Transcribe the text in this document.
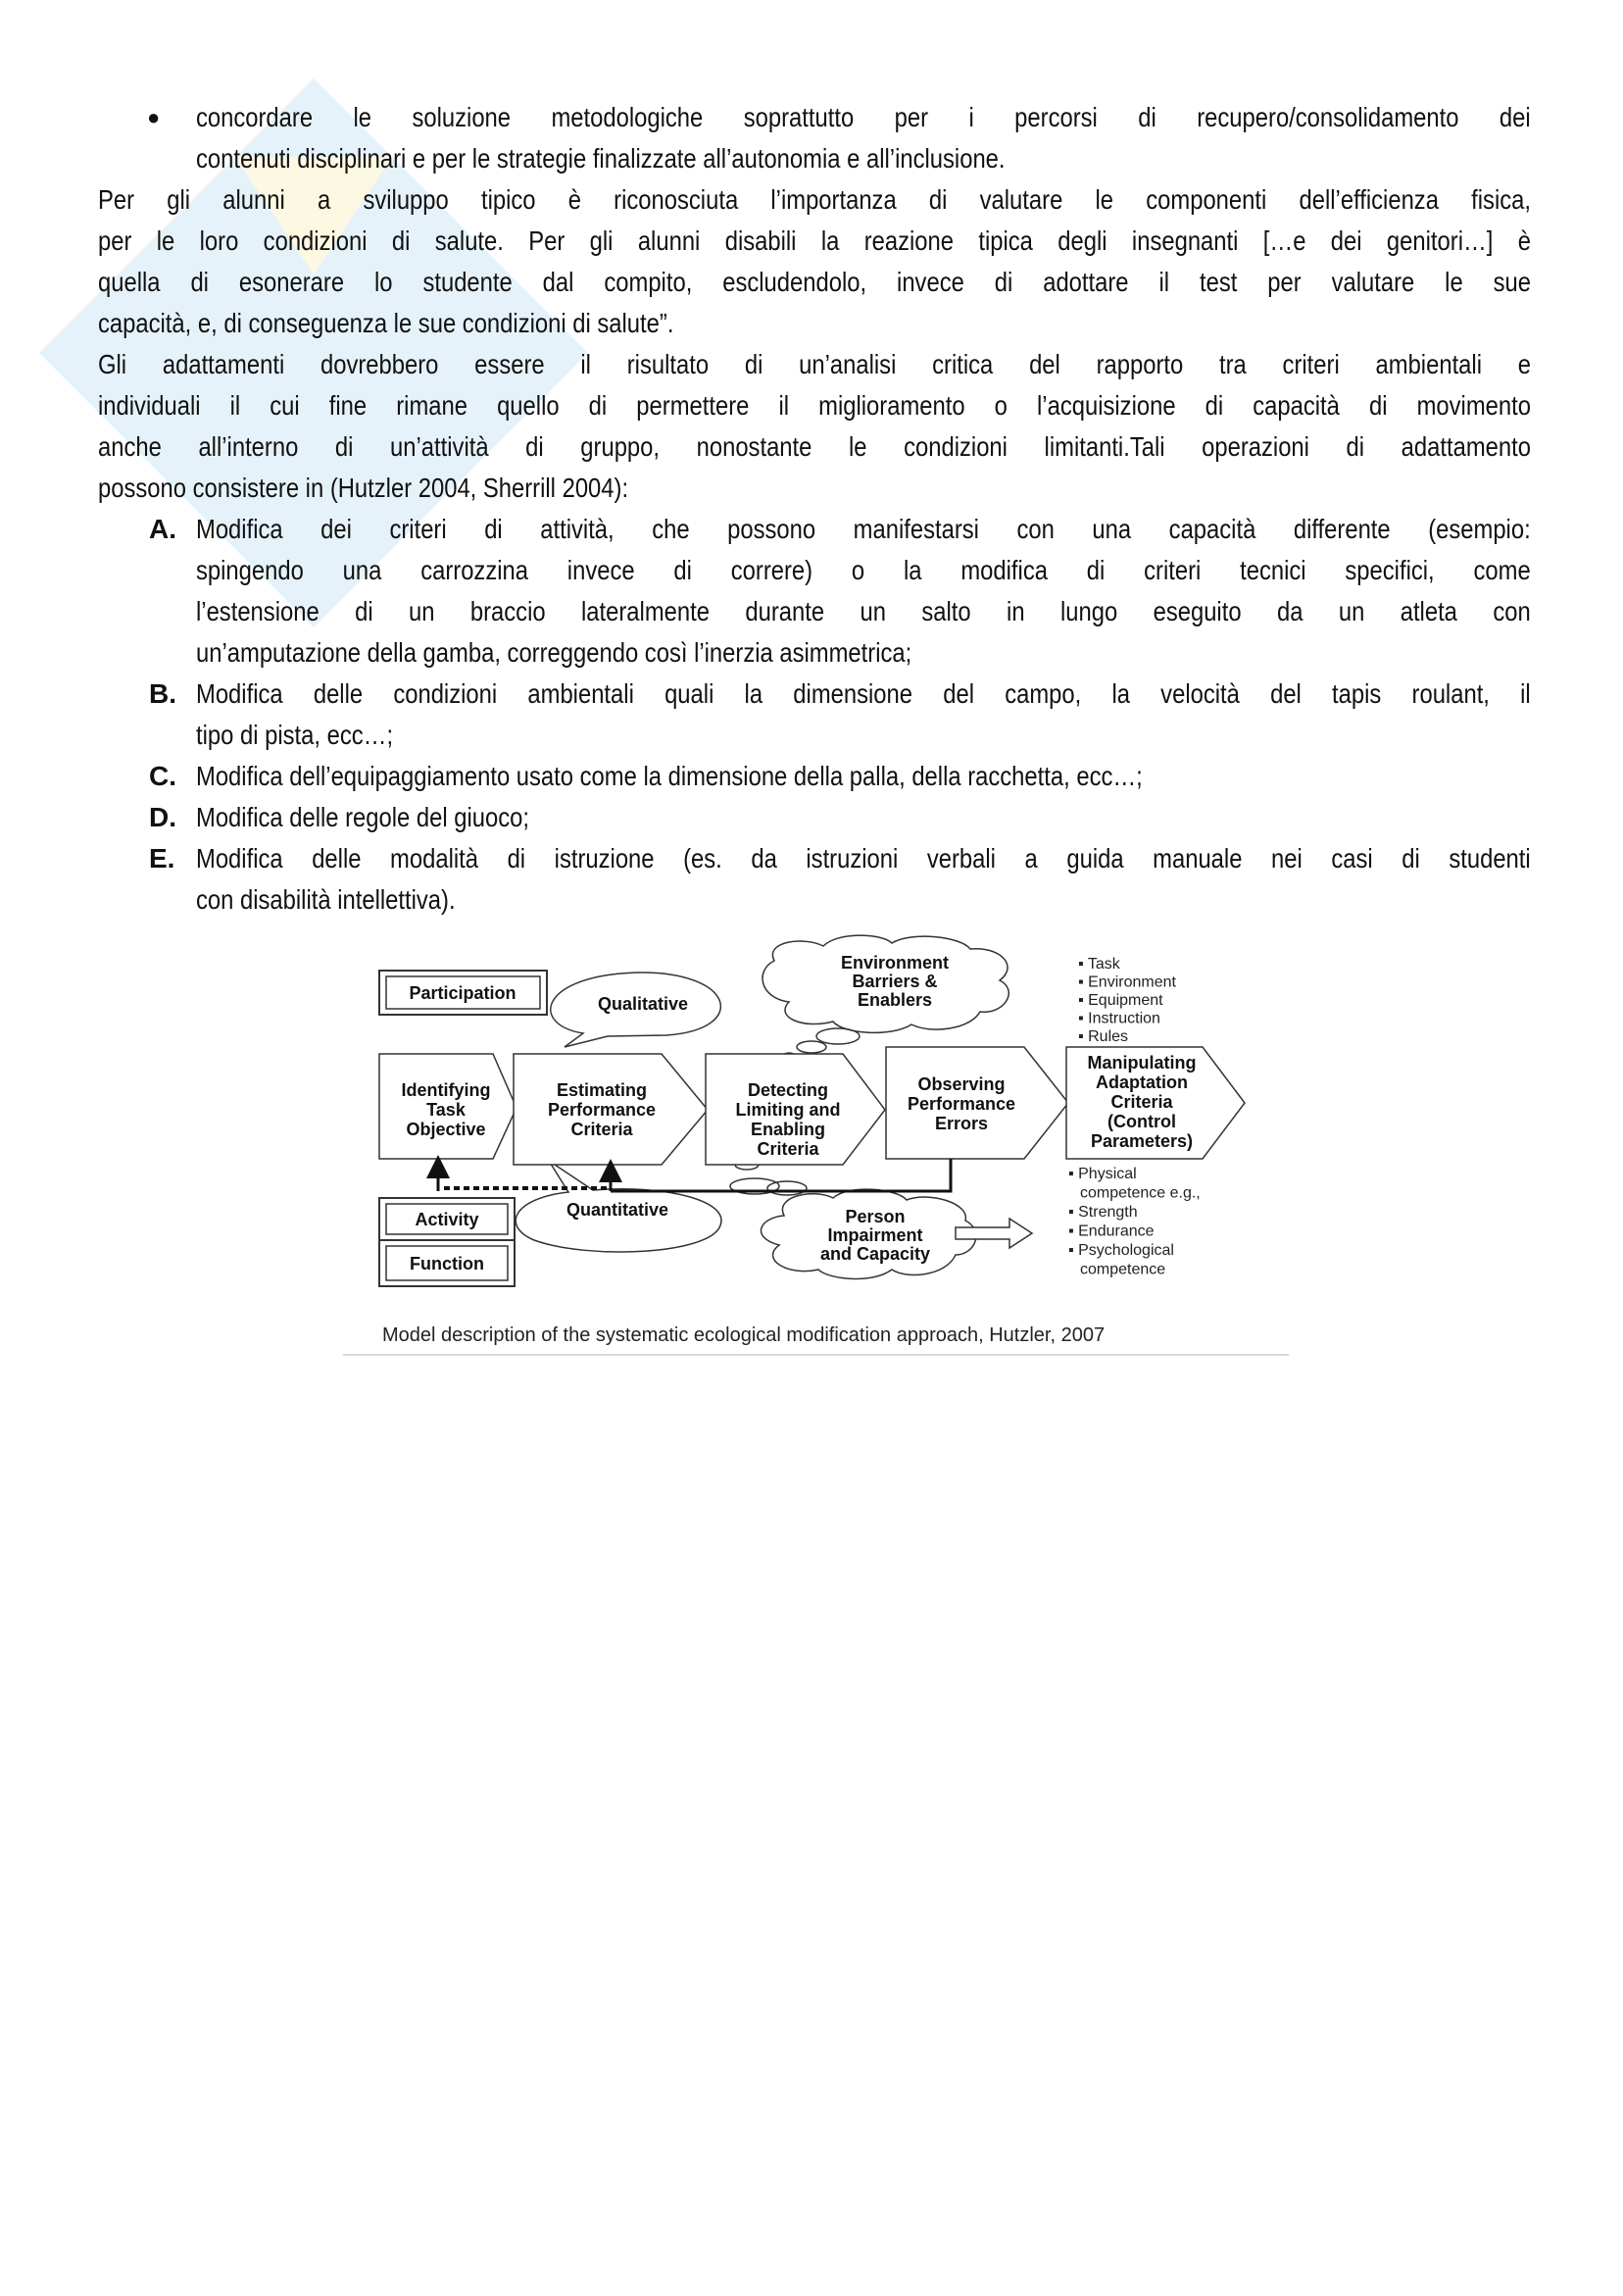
● concordare le soluzione metodologiche soprattutto per i percorsi di recupero/consolidamento dei
contenuti disciplinari e per le strategie finalizzate all’autonomia e all’inclusione.
Per gli alunni a sviluppo tipico è riconosciuta l’importanza di valutare le componenti dell’efficienza fisica,
per le loro condizioni di salute. Per gli alunni disabili la reazione tipica degli insegnanti […e dei genitori…] è
quella di esonerare lo studente dal compito, escludendolo, invece di adottare il test per valutare le sue
capacità, e, di conseguenza le sue condizioni di salute”.
Gli adattamenti dovrebbero essere il risultato di un’analisi critica del rapporto tra criteri ambientali e
individuali il cui fine rimane quello di permettere il miglioramento o l’acquisizione di capacità di movimento
anche all’interno di un’attività di gruppo, nonostante le condizioni limitanti.Tali operazioni di adattamento
possono consistere in (Hutzler 2004, Sherrill 2004):
A. Modifica dei criteri di attività, che possono manifestarsi con una capacità differente (esempio:
spingendo una carrozzina invece di correre) o la modifica di criteri tecnici specifici, come
l’estensione di un braccio lateralmente durante un salto in lungo eseguito da un atleta con
un’amputazione della gamba, correggendo così l’inerzia asimmetrica;
B. Modifica delle condizioni ambientali quali la dimensione del campo, la velocità del tapis roulant, il
tipo di pista, ecc…;
C. Modifica dell’equipaggiamento usato come la dimensione della palla, della racchetta, ecc…;
D. Modifica delle regole del giuoco;
E. Modifica delle modalità di istruzione (es. da istruzioni verbali a guida manuale nei casi di studenti
con disabilità intellettiva).
Participation
Activity
Function
Qualitative
Quantitative
Environment
Barriers &
Enablers
Person
Impairment
and Capacity
Identifying
Task
Objective
Estimating
Performance
Criteria
Detecting
Limiting and
Enabling
Criteria
Observing
Performance
Errors
Manipulating
Adaptation
Criteria
(Control
Parameters)
▪ Task
▪ Environment
▪ Equipment
▪ Instruction
▪ Rules
▪ Physical
competence e.g.,
▪ Strength
▪ Endurance
▪ Psychological
competence
Model description of the systematic ecological modification approach, Hutzler, 2007
